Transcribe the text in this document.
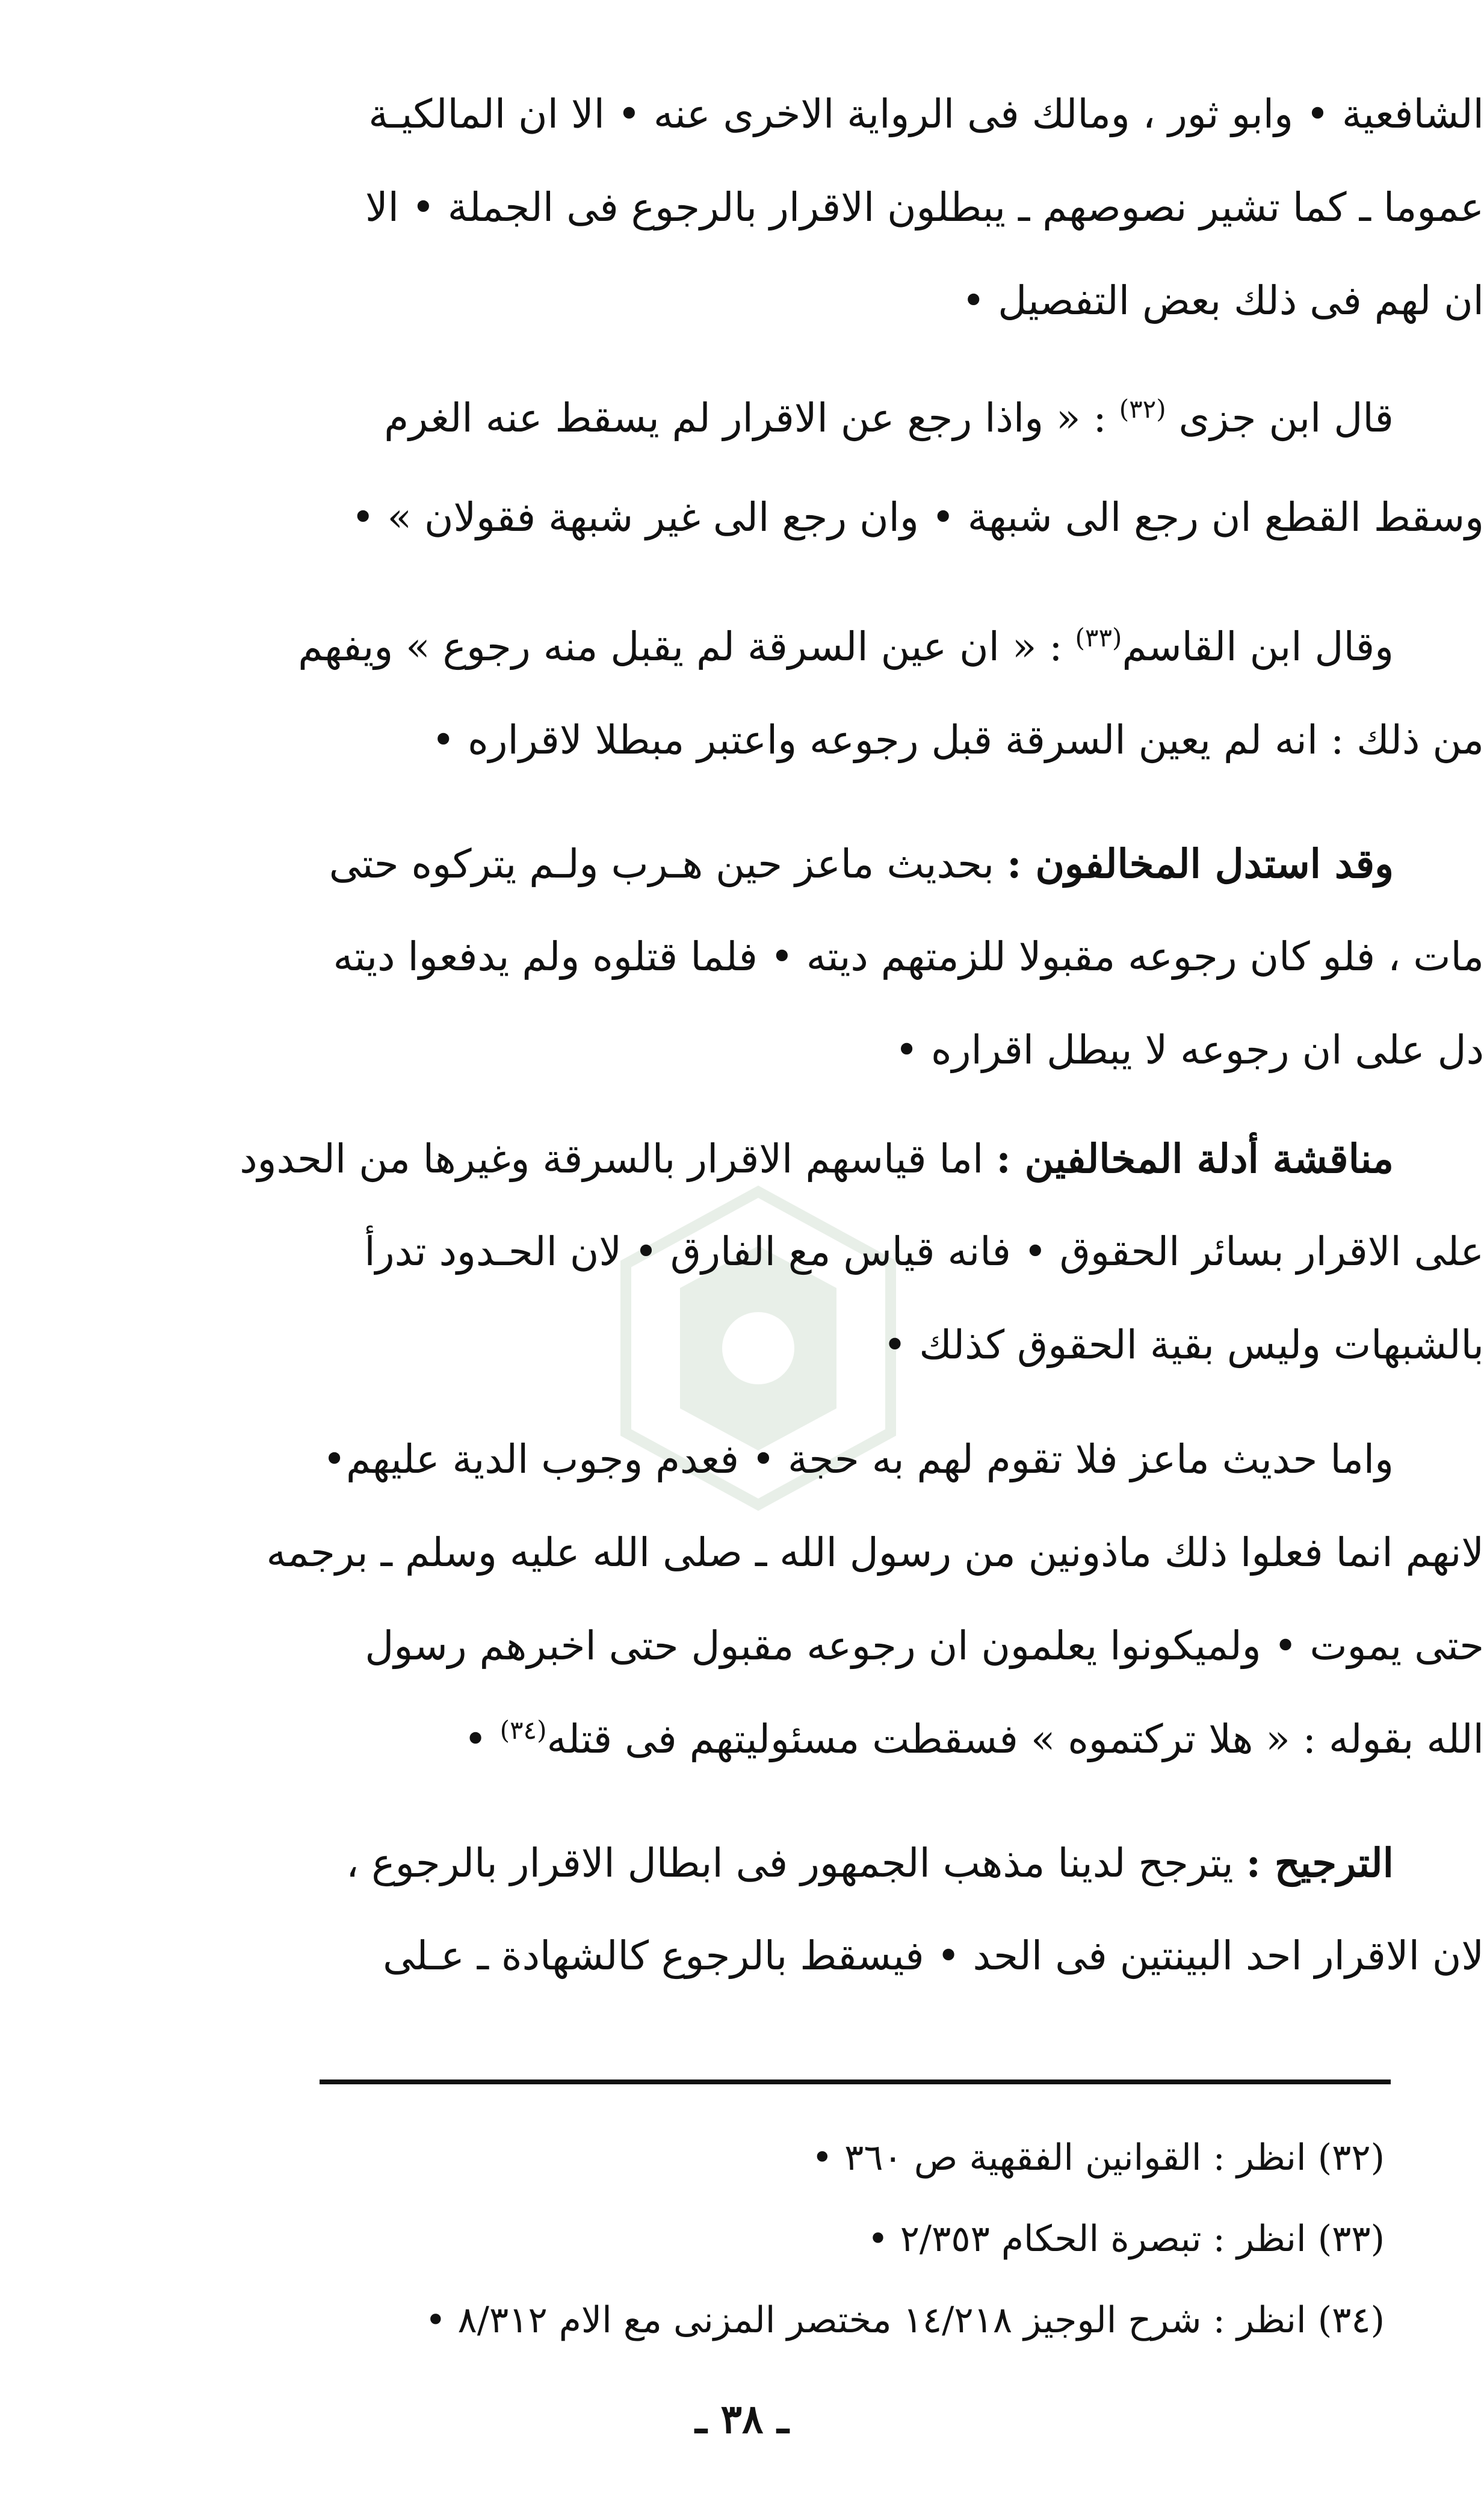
الشافعية • وابو ثور ، ومالك فى الرواية الاخرى عنه • الا ان المالكيـة
عموما ـ كما تشير نصوصهم ـ يبطلون الاقرار بالرجوع فى الجملة • الا
ان لهم فى ذلك بعض التفصيل •
قال ابن جزى $^{(٣٢)}$ : « واذا رجع عن الاقرار لم يسقط عنه الغرم
وسقط القطع ان رجع الى شبهة • وان رجع الى غير شبهة فقولان » •
وقال ابن القاسم$^{(٣٣)}$ : « ان عين السرقة لم يقبل منه رجوع » ويفهم
من ذلك : انه لم يعين السرقة قبل رجوعه واعتبر مبطلا لاقراره •
وقد استدل المخالفون : بحديث ماعز حين هـرب ولـم يتركوه حتى
مات ، فلو كان رجوعه مقبولا للزمتهم ديته • فلما قتلوه ولم يدفعوا ديته
دل على ان رجوعه لا يبطل اقراره •
مناقشة أدلة المخالفين : اما قياسهم الاقرار بالسرقة وغيرها من الحدود
على الاقرار بسائر الحقوق • فانه قياس مع الفارق • لان الحـدود تدرأ
بالشبهات وليس بقية الحقوق كذلك •
واما حديث ماعز فلا تقوم لهم به حجة • فعدم وجوب الدية عليهم•
لانهم انما فعلوا ذلك ماذونين من رسول الله ـ صلى الله عليه وسلم ـ برجمه
حتى يموت • ولميكونوا يعلمون ان رجوعه مقبول حتى اخبرهم رسول
الله بقوله : « هلا تركتموه » فسقطت مسئوليتهم فى قتله$^{(٣٤)}$ •
الترجيح : يترجح لدينا مذهب الجمهور فى ابطال الاقرار بالرجوع ،
لان الاقرار احد البينتين فى الحد • فيسقط بالرجوع كالشهادة ـ عـلى
(٣٢) انظر : القوانين الفقهية ص ٣٦٠ •
(٣٣) انظر : تبصرة الحكام ٢/٣٥٣ •
(٣٤) انظر : شرح الوجيز ١٤/٢١٨ مختصر المزنى مع الام ٨/٣١٢ •
ـ ٣٨ ـ
